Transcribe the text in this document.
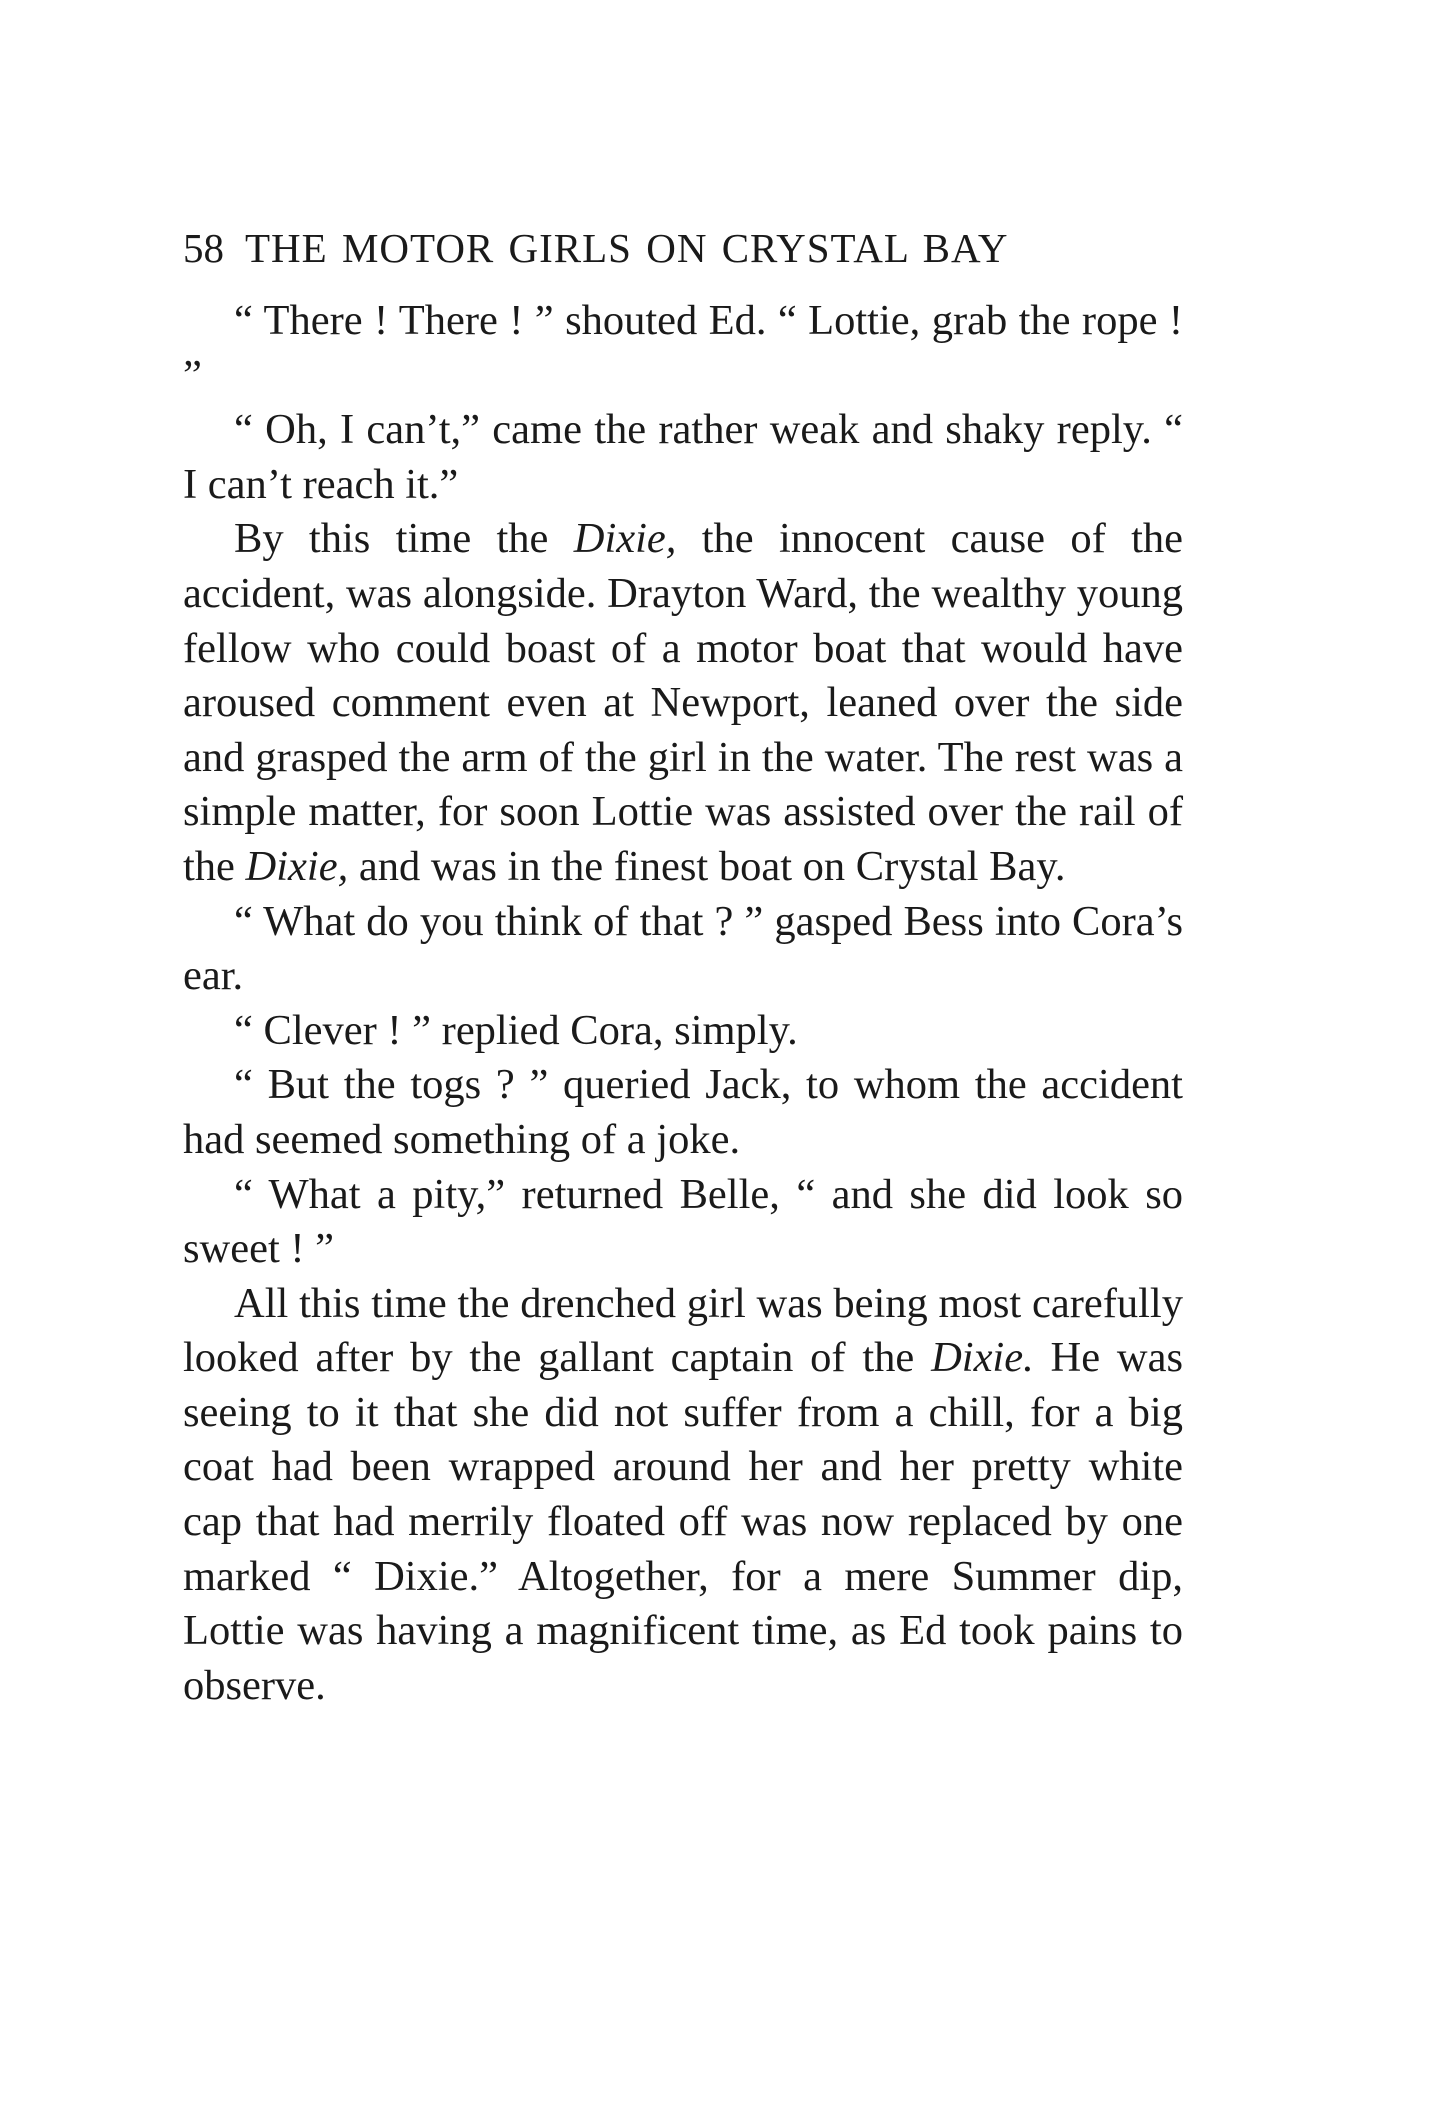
58 THE MOTOR GIRLS ON CRYSTAL BAY

“ There ! There ! ” shouted Ed. “ Lottie, grab the rope ! ”

“ Oh, I can’t,” came the rather weak and shaky reply. “ I can’t reach it.”

By this time the Dixie, the innocent cause of the accident, was alongside. Drayton Ward, the wealthy young fellow who could boast of a motor boat that would have aroused comment even at Newport, leaned over the side and grasped the arm of the girl in the water. The rest was a simple matter, for soon Lottie was assisted over the rail of the Dixie, and was in the finest boat on Crystal Bay.

“ What do you think of that ? ” gasped Bess into Cora’s ear.

“ Clever ! ” replied Cora, simply.

“ But the togs ? ” queried Jack, to whom the accident had seemed something of a joke.

“ What a pity,” returned Belle, “ and she did look so sweet ! ”

All this time the drenched girl was being most carefully looked after by the gallant captain of the Dixie. He was seeing to it that she did not suffer from a chill, for a big coat had been wrapped around her and her pretty white cap that had merrily floated off was now replaced by one marked “ Dixie.” Altogether, for a mere Summer dip, Lottie was having a magnificent time, as Ed took pains to observe.
